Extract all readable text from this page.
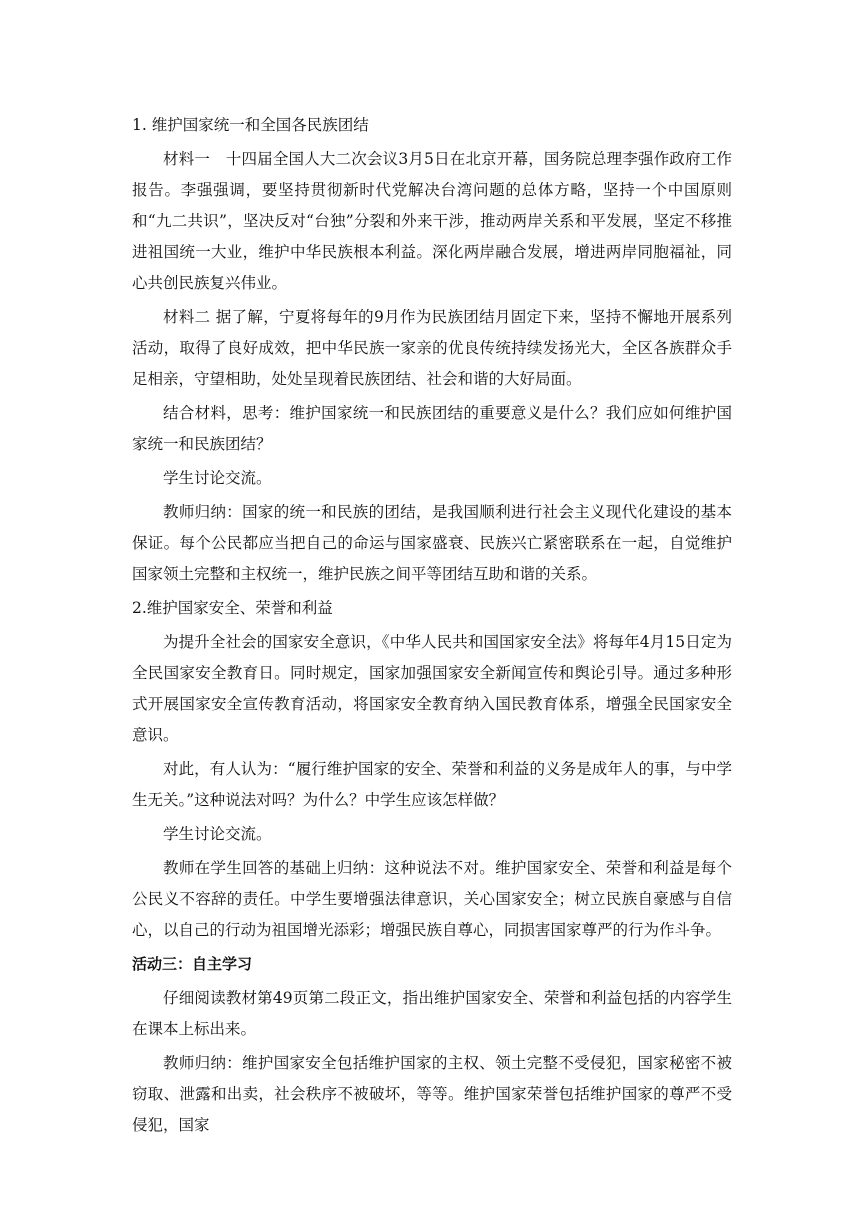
1. 维护国家统一和全国各民族团结

材料一　十四届全国人大二次会议3月5日在北京开幕，国务院总理李强作政府工作报告。李强强调，要坚持贯彻新时代党解决台湾问题的总体方略，坚持一个中国原则和“九二共识”，坚决反对“台独”分裂和外来干涉，推动两岸关系和平发展，坚定不移推进祖国统一大业，维护中华民族根本利益。深化两岸融合发展，增进两岸同胞福祉，同心共创民族复兴伟业。

材料二 据了解，宁夏将每年的9月作为民族团结月固定下来，坚持不懈地开展系列活动，取得了良好成效，把中华民族一家亲的优良传统持续发扬光大，全区各族群众手足相亲，守望相助，处处呈现着民族团结、社会和谐的大好局面。

结合材料，思考：维护国家统一和民族团结的重要意义是什么？我们应如何维护国家统一和民族团结？

学生讨论交流。

教师归纳：国家的统一和民族的团结，是我国顺利进行社会主义现代化建设的基本保证。每个公民都应当把自己的命运与国家盛衰、民族兴亡紧密联系在一起，自觉维护国家领土完整和主权统一，维护民族之间平等团结互助和谐的关系。

2.维护国家安全、荣誉和利益

为提升全社会的国家安全意识，《中华人民共和国国家安全法》将每年4月15日定为全民国家安全教育日。同时规定，国家加强国家安全新闻宣传和舆论引导。通过多种形式开展国家安全宣传教育活动，将国家安全教育纳入国民教育体系，增强全民国家安全意识。

对此，有人认为：“履行维护国家的安全、荣誉和利益的义务是成年人的事，与中学生无关。”这种说法对吗？为什么？中学生应该怎样做？

学生讨论交流。

教师在学生回答的基础上归纳：这种说法不对。维护国家安全、荣誉和利益是每个公民义不容辞的责任。中学生要增强法律意识，关心国家安全；树立民族自豪感与自信心，以自己的行动为祖国增光添彩；增强民族自尊心，同损害国家尊严的行为作斗争。

活动三：自主学习

仔细阅读教材第49页第二段正文，指出维护国家安全、荣誉和利益包括的内容学生在课本上标出来。

教师归纳：维护国家安全包括维护国家的主权、领土完整不受侵犯，国家秘密不被窃取、泄露和出卖，社会秩序不被破坏，等等。维护国家荣誉包括维护国家的尊严不受侵犯，国家
